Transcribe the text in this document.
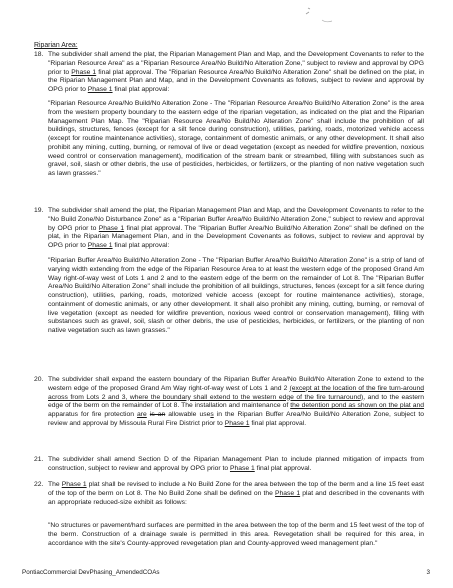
Riparian Area:
18. The subdivider shall amend the plat, the Riparian Management Plan and Map, and the Development Covenants to refer to the "Riparian Resource Area" as a "Riparian Resource Area/No Build/No Alteration Zone," subject to review and approval by OPG prior to Phase 1 final plat approval. The "Riparian Resource Area/No Build/No Alteration Zone" shall be defined on the plat, in the Riparian Management Plan and Map, and in the Development Covenants as follows, subject to review and approval by OPG prior to Phase 1 final plat approval:
"Riparian Resource Area/No Build/No Alteration Zone - The "Riparian Resource Area/No Build/No Alteration Zone" is the area from the western property boundary to the eastern edge of the riparian vegetation, as indicated on the plat and the Riparian Management Plan Map. The "Riparian Resource Area/No Build/No Alteration Zone" shall include the prohibition of all buildings, structures, fences (except for a silt fence during construction), utilities, parking, roads, motorized vehicle access (except for routine maintenance activities), storage, containment of domestic animals, or any other development. It shall also prohibit any mining, cutting, burning, or removal of live or dead vegetation (except as needed for wildfire prevention, noxious weed control or conservation management), modification of the stream bank or streambed, filling with substances such as gravel, soil, slash or other debris, the use of pesticides, herbicides, or fertilizers, or the planting of non native vegetation such as lawn grasses."
19. The subdivider shall amend the plat, the Riparian Management Plan and Map, and the Development Covenants to refer to the "No Build Zone/No Disturbance Zone" as a "Riparian Buffer Area/No Build/No Alteration Zone," subject to review and approval by OPG prior to Phase 1 final plat approval. The "Riparian Buffer Area/No Build/No Alteration Zone" shall be defined on the plat, in the Riparian Management Plan, and in the Development Covenants as follows, subject to review and approval by OPG prior to Phase 1 final plat approval:
"Riparian Buffer Area/No Build/No Alteration Zone - The "Riparian Buffer Area/No Build/No Alteration Zone" is a strip of land of varying width extending from the edge of the Riparian Resource Area to at least the western edge of the proposed Grand Am Way right-of-way west of Lots 1 and 2 and to the eastern edge of the berm on the remainder of Lot 8. The "Riparian Buffer Area/No Build/No Alteration Zone" shall include the prohibition of all buildings, structures, fences (except for a silt fence during construction), utilities, parking, roads, motorized vehicle access (except for routine maintenance activities), storage, containment of domestic animals, or any other development. It shall also prohibit any mining, cutting, burning, or removal of live vegetation (except as needed for wildfire prevention, noxious weed control or conservation management), filling with substances such as gravel, soil, slash or other debris, the use of pesticides, herbicides, or fertilizers, or the planting of non native vegetation such as lawn grasses."
20. The subdivider shall expand the eastern boundary of the Riparian Buffer Area/No Build/No Alteration Zone to extend to the western edge of the proposed Grand Am Way right-of-way west of Lots 1 and 2 (except at the location of the fire turn-around across from Lots 2 and 3, where the boundary shall extend to the western edge of the fire turnaround), and to the eastern edge of the berm on the remainder of Lot 8. The installation and maintenance of the detention pond as shown on the plat and apparatus for fire protection are is an allowable uses in the Riparian Buffer Area/No Build/No Alteration Zone, subject to review and approval by Missoula Rural Fire District prior to Phase 1 final plat approval.
21. The subdivider shall amend Section D of the Riparian Management Plan to include planned mitigation of impacts from construction, subject to review and approval by OPG prior to Phase 1 final plat approval.
22. The Phase 1 plat shall be revised to include a No Build Zone for the area between the top of the berm and a line 15 feet east of the top of the berm on Lot 8. The No Build Zone shall be defined on the Phase 1 plat and described in the covenants with an appropriate reduced-size exhibit as follows:
"No structures or pavement/hard surfaces are permitted in the area between the top of the berm and 15 feet west of the top of the berm. Construction of a drainage swale is permitted in this area. Revegetation shall be required for this area, in accordance with the site's County-approved revegetation plan and County-approved weed management plan."
PontiacCommercial DevPhasing_AmendedCOAs	3
